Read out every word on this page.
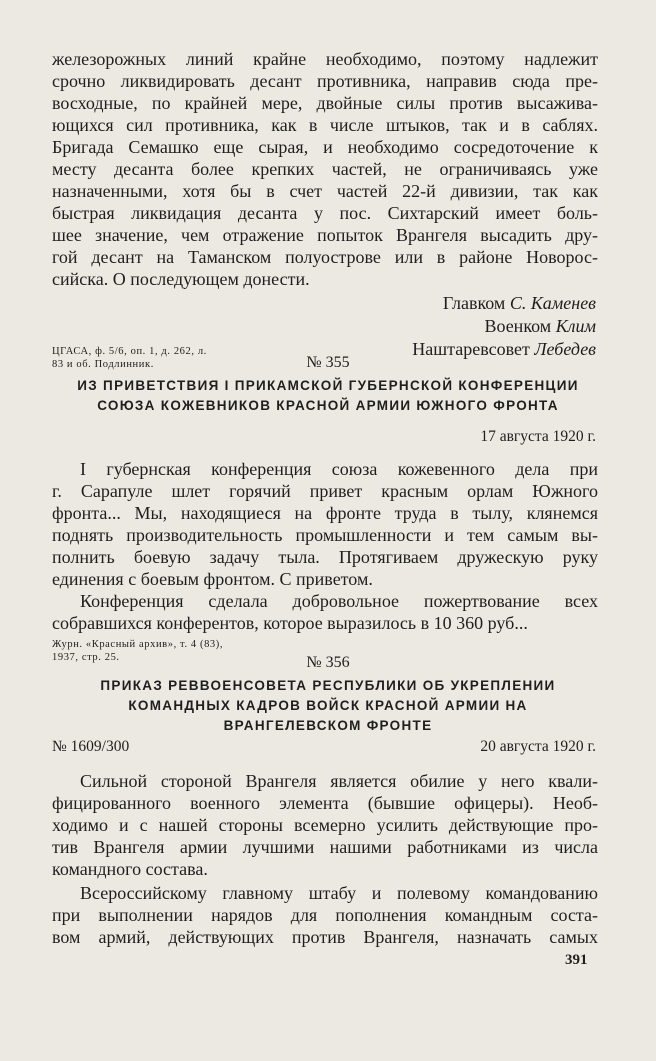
железорожных линий крайне необходимо, поэтому надлежит
срочно ликвидировать десант противника, направив сюда пре-
восходные, по крайней мере, двойные силы против высажива-
ющихся сил противника, как в числе штыков, так и в саблях.
Бригада Семашко еще сырая, и необходимо сосредоточение к
месту десанта более крепких частей, не ограничиваясь уже
назначенными, хотя бы в счет частей 22-й дивизии, так как
быстрая ликвидация десанта у пос. Сихтарский имеет боль-
шее значение, чем отражение попыток Врангеля высадить дру-
гой десант на Таманском полуострове или в районе Новорос-
сийска. О последующем донести.
Главком С. Каменев
Военком Клим
Наштаревсовет Лебедев
ЦГАСА, ф. 5/6, оп. 1, д. 262, л.
83 и об. Подлинник.	№ 355
ИЗ ПРИВЕТСТВИЯ I ПРИКАМСКОЙ ГУБЕРНСКОЙ КОНФЕРЕНЦИИ
СОЮЗА КОЖЕВНИКОВ КРАСНОЙ АРМИИ ЮЖНОГО ФРОНТА
17 августа 1920 г.
I губернская конференция союза кожевенного дела при
г. Сарапуле шлет горячий привет красным орлам Южного
фронта... Мы, находящиеся на фронте труда в тылу, клянемся
поднять производительность промышленности и тем самым вы-
полнить боевую задачу тыла. Протягиваем дружескую руку
единения с боевым фронтом. С приветом.
Конференция сделала добровольное пожертвование всех
собравшихся конферентов, которое выразилось в 10 360 руб...
Журн. «Красный архив», т. 4 (83),
1937, стр. 25.	№ 356
ПРИКАЗ РЕВВОЕНСОВЕТА РЕСПУБЛИКИ ОБ УКРЕПЛЕНИИ
КОМАНДНЫХ КАДРОВ ВОЙСК КРАСНОЙ АРМИИ НА
ВРАНГЕЛЕВСКОМ ФРОНТЕ
№ 1609/300	20 августа 1920 г.
Сильной стороной Врангеля является обилие у него квали-
фицированного военного элемента (бывшие офицеры). Необ-
ходимо и с нашей стороны всемерно усилить действующие про-
тив Врангеля армии лучшими нашими работниками из числа
командного состава.
Всероссийскому главному штабу и полевому командованию
при выполнении нарядов для пополнения командным соста-
вом армий, действующих против Врангеля, назначать самых
391
